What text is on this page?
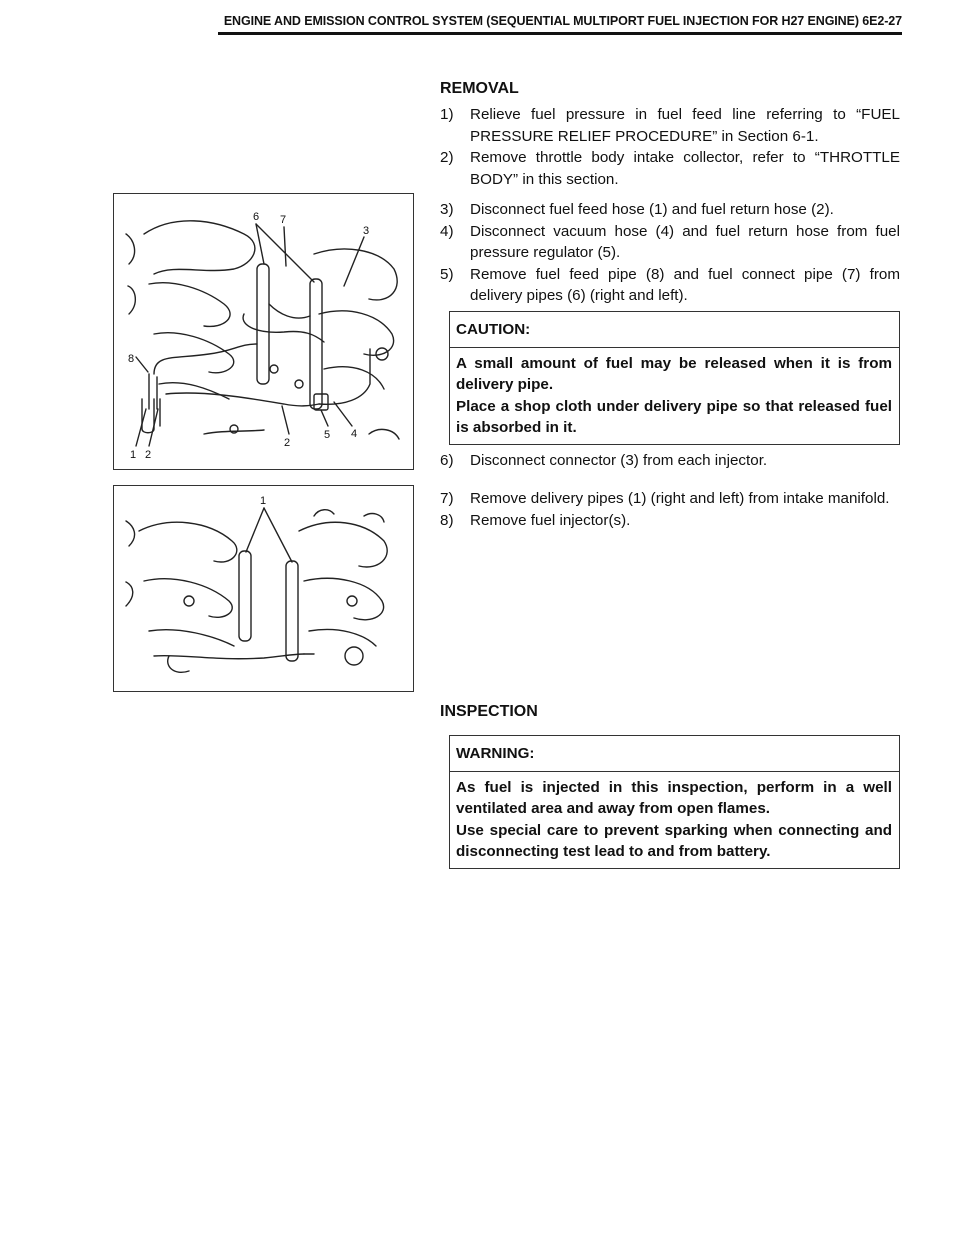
ENGINE AND EMISSION CONTROL SYSTEM (SEQUENTIAL MULTIPORT FUEL INJECTION FOR H27 ENGINE) 6E2-27
REMOVAL
1) Relieve fuel pressure in fuel feed line referring to “FUEL PRESSURE RELIEF PROCEDURE” in Section 6-1.
2) Remove throttle body intake collector, refer to “THROTTLE BODY” in this section.
3) Disconnect fuel feed hose (1) and fuel return hose (2).
4) Disconnect vacuum hose (4) and fuel return hose from fuel pressure regulator (5).
5) Remove fuel feed pipe (8) and fuel connect pipe (7) from delivery pipes (6) (right and left).
CAUTION:

A small amount of fuel may be released when it is from delivery pipe.

Place a shop cloth under delivery pipe so that released fuel is absorbed in it.

6) Disconnect connector (3) from each injector.
7) Remove delivery pipes (1) (right and left) from intake manifold.
8) Remove fuel injector(s).
6 7
3
8
1 2
2
5 4
1
INSPECTION
WARNING:

As fuel is injected in this inspection, perform in a well ventilated area and away from open flames.

Use special care to prevent sparking when connecting and disconnecting test lead to and from battery.
